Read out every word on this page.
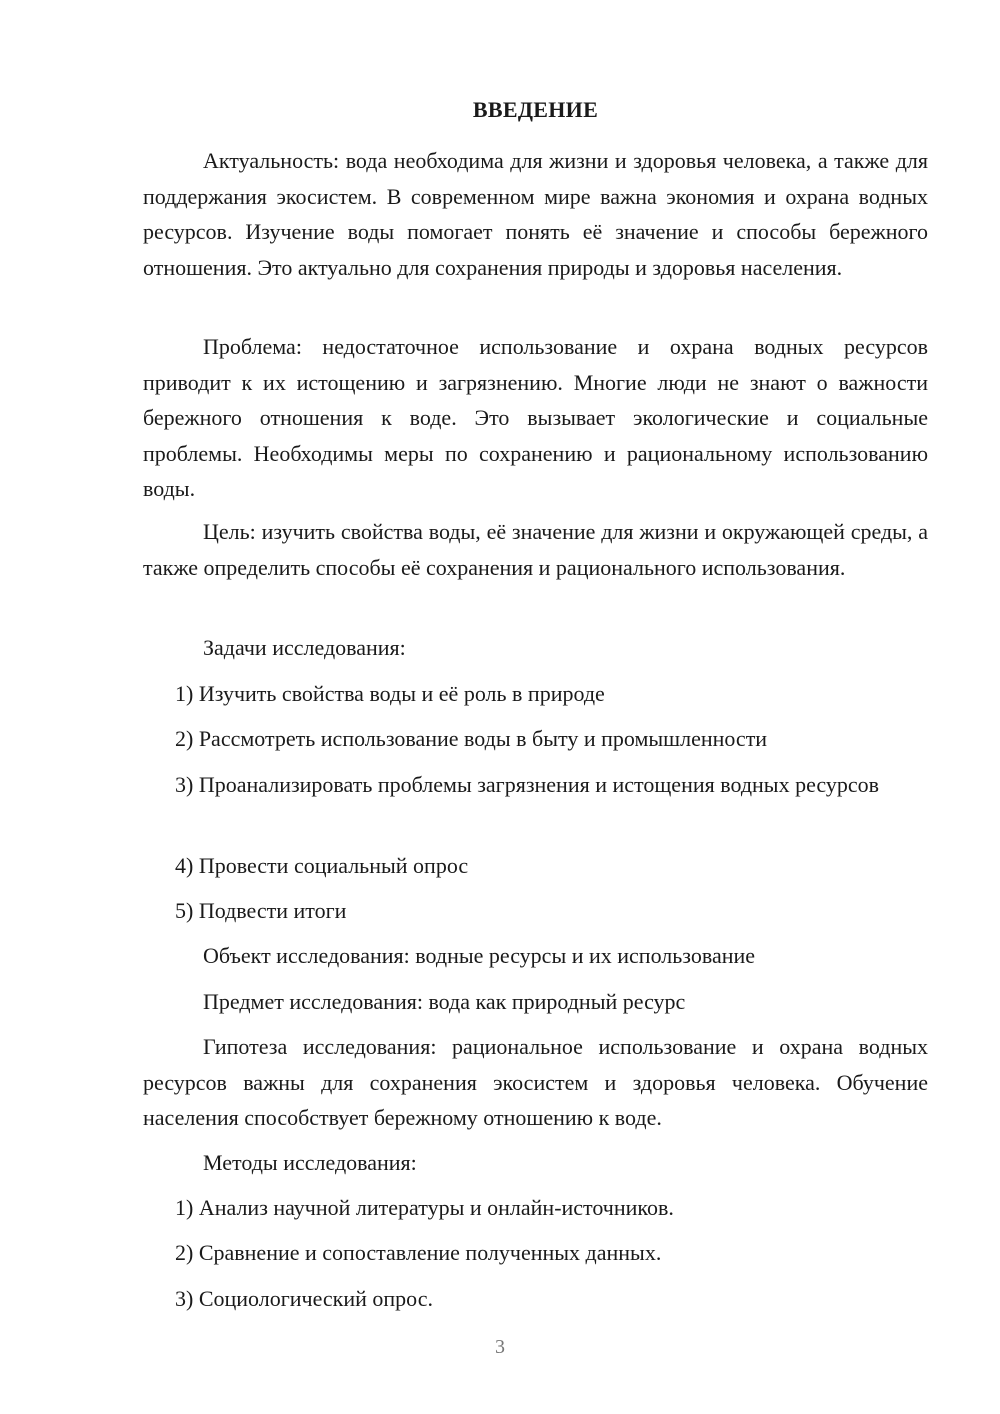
ВВЕДЕНИЕ

Актуальность: вода необходима для жизни и здоровья человека, а также для поддержания экосистем. В современном мире важна экономия и охрана водных ресурсов. Изучение воды помогает понять её значение и способы бережного отношения. Это актуально для сохранения природы и здоровья населения.

Проблема: недостаточное использование и охрана водных ресурсов приводит к их истощению и загрязнению. Многие люди не знают о важности бережного отношения к воде. Это вызывает экологические и социальные проблемы. Необходимы меры по сохранению и рациональному использованию воды.

Цель: изучить свойства воды, её значение для жизни и окружающей среды, а также определить способы её сохранения и рационального использования.

Задачи исследования:

1) Изучить свойства воды и её роль в природе

2) Рассмотреть использование воды в быту и промышленности

3) Проанализировать проблемы загрязнения и истощения водных ресурсов

4) Провести социальный опрос

5) Подвести итоги

Объект исследования: водные ресурсы и их использование

Предмет исследования: вода как природный ресурс

Гипотеза исследования: рациональное использование и охрана водных ресурсов важны для сохранения экосистем и здоровья человека. Обучение населения способствует бережному отношению к воде.

Методы исследования:

1) Анализ научной литературы и онлайн-источников.

2) Сравнение и сопоставление полученных данных.

3) Социологический опрос.

3
